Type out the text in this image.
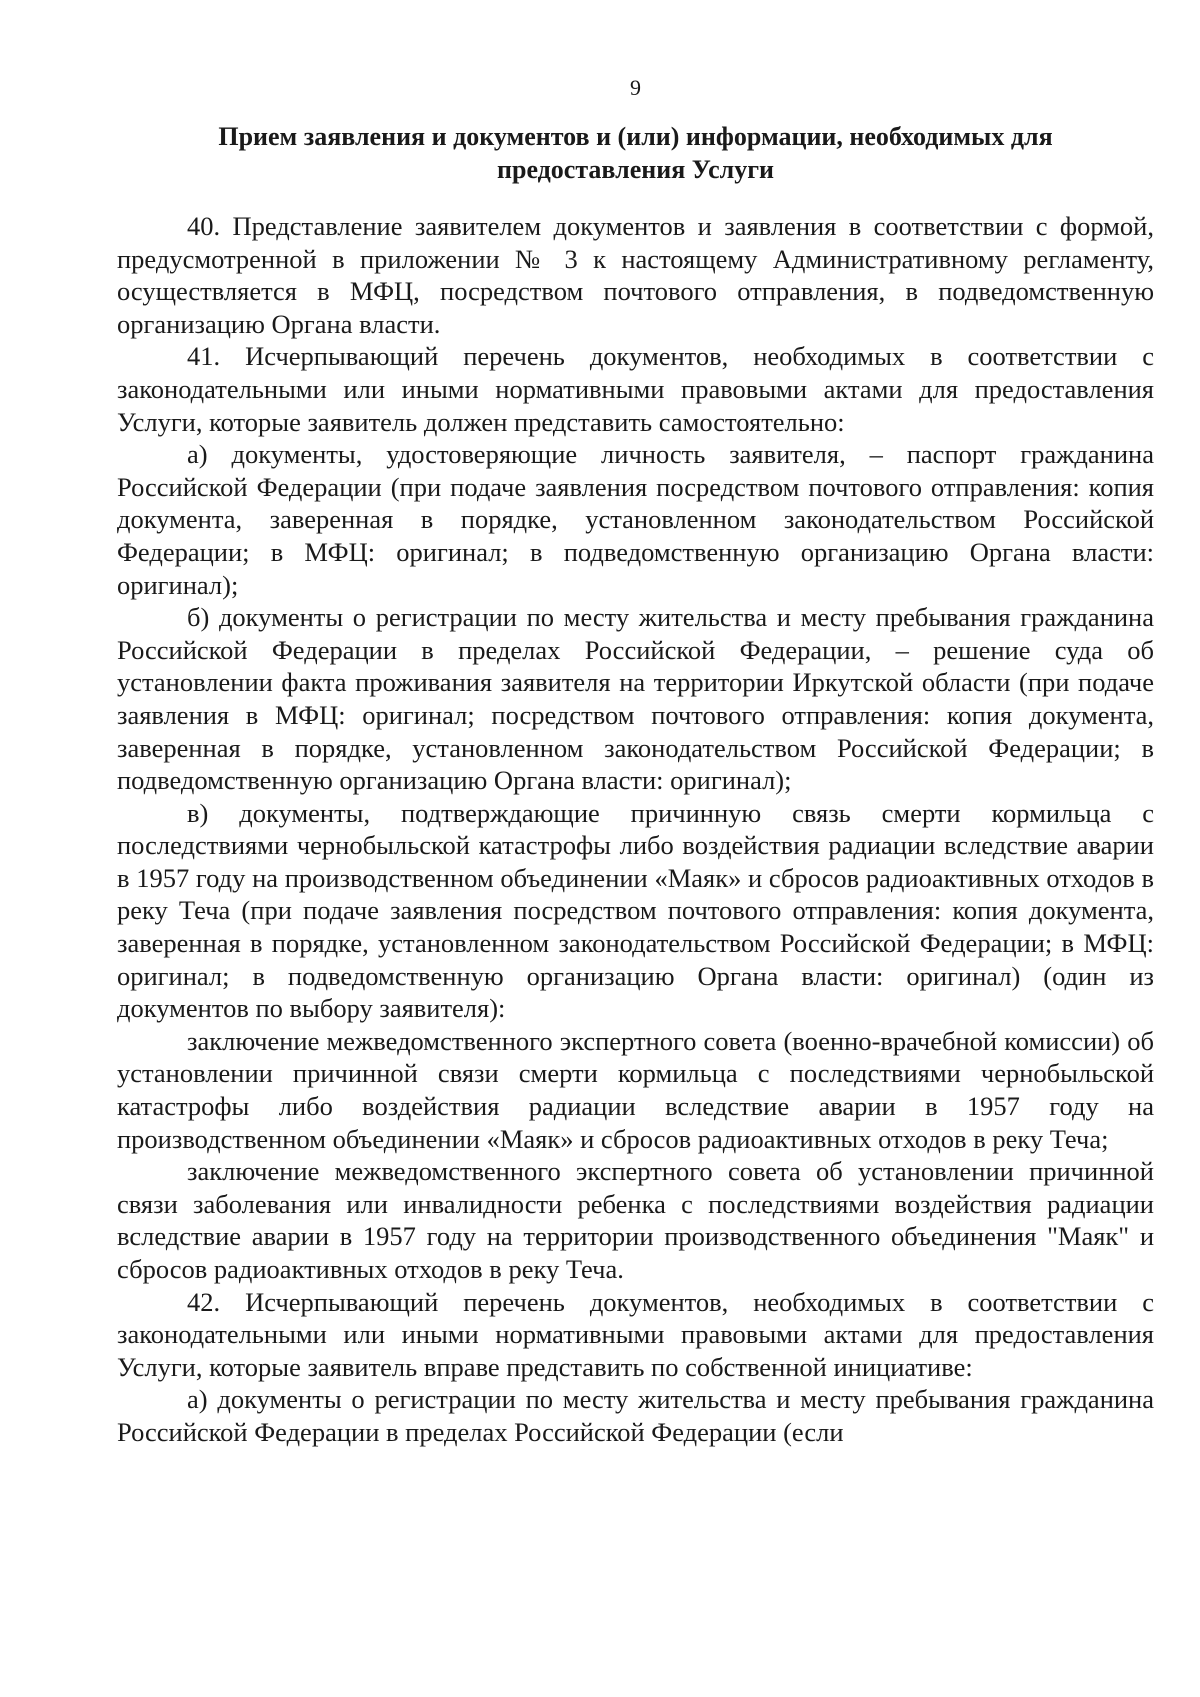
9
Прием заявления и документов и (или) информации, необходимых для
предоставления Услуги

40. Представление заявителем документов и заявления в соответствии с формой, предусмотренной в приложении № 3 к настоящему Административному регламенту, осуществляется в МФЦ, посредством почтового отправления, в подведомственную организацию Органа власти.

41. Исчерпывающий перечень документов, необходимых в соответствии с законодательными или иными нормативными правовыми актами для предоставления Услуги, которые заявитель должен представить самостоятельно:

а) документы, удостоверяющие личность заявителя, – паспорт гражданина Российской Федерации (при подаче заявления посредством почтового отправления: копия документа, заверенная в порядке, установленном законодательством Российской Федерации; в МФЦ: оригинал; в подведомственную организацию Органа власти: оригинал);

б) документы о регистрации по месту жительства и месту пребывания гражданина Российской Федерации в пределах Российской Федерации, – решение суда об установлении факта проживания заявителя на территории Иркутской области (при подаче заявления в МФЦ: оригинал; посредством почтового отправления: копия документа, заверенная в порядке, установленном законодательством Российской Федерации; в подведомственную организацию Органа власти: оригинал);

в) документы, подтверждающие причинную связь смерти кормильца с последствиями чернобыльской катастрофы либо воздействия радиации вследствие аварии в 1957 году на производственном объединении «Маяк» и сбросов радиоактивных отходов в реку Теча (при подаче заявления посредством почтового отправления: копия документа, заверенная в порядке, установленном законодательством Российской Федерации; в МФЦ: оригинал; в подведомственную организацию Органа власти: оригинал) (один из документов по выбору заявителя):

заключение межведомственного экспертного совета (военно-врачебной комиссии) об установлении причинной связи смерти кормильца с последствиями чернобыльской катастрофы либо воздействия радиации вследствие аварии в 1957 году на производственном объединении «Маяк» и сбросов радиоактивных отходов в реку Теча;

заключение межведомственного экспертного совета об установлении причинной связи заболевания или инвалидности ребенка с последствиями воздействия радиации вследствие аварии в 1957 году на территории производственного объединения "Маяк" и сбросов радиоактивных отходов в реку Теча.

42. Исчерпывающий перечень документов, необходимых в соответствии с законодательными или иными нормативными правовыми актами для предоставления Услуги, которые заявитель вправе представить по собственной инициативе:

а) документы о регистрации по месту жительства и месту пребывания гражданина Российской Федерации в пределах Российской Федерации (если
